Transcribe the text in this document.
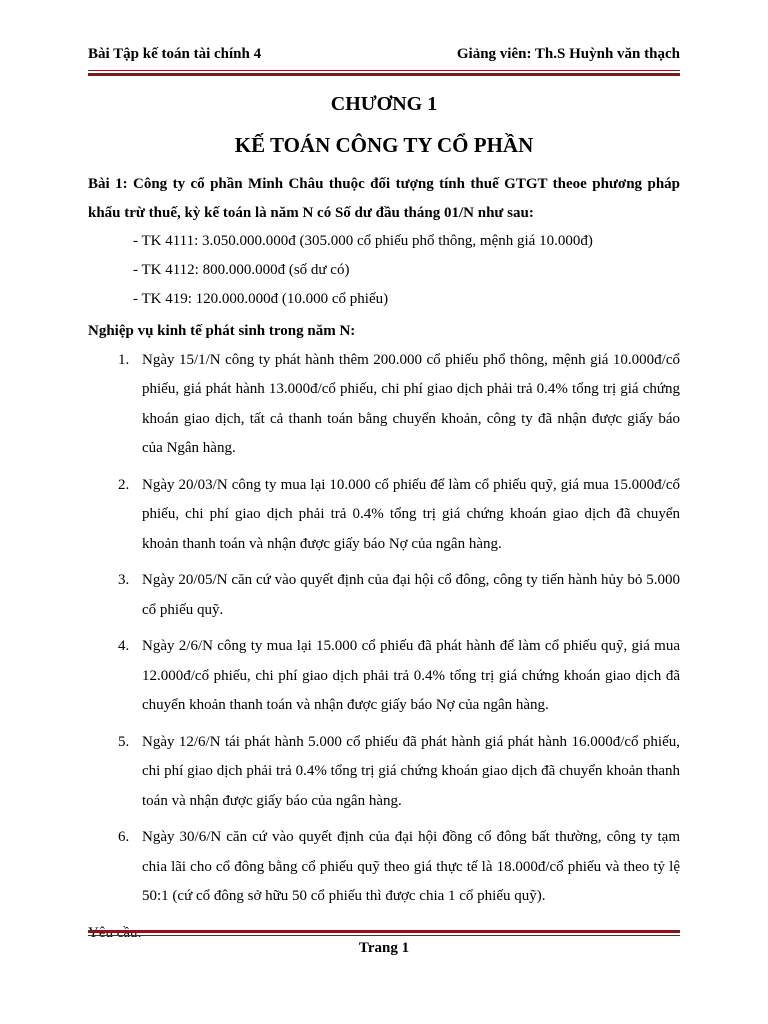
Bài Tập kế toán tài chính 4	Giảng viên: Th.S Huỳnh văn thạch
CHƯƠNG 1
KẾ TOÁN CÔNG TY CỔ PHẦN
Bài 1: Công ty cổ phần Minh Châu thuộc đối tượng tính thuế GTGT theoe phương pháp khấu trừ thuế, kỳ kế toán là năm N có Số dư đầu tháng 01/N như sau:
- TK 4111: 3.050.000.000đ (305.000 cổ phiếu phổ thông, mệnh giá 10.000đ)
- TK 4112: 800.000.000đ (số dư có)
- TK 419: 120.000.000đ (10.000 cổ phiếu)
Nghiệp vụ kinh tế phát sinh trong năm N:
1. Ngày 15/1/N công ty phát hành thêm 200.000 cổ phiếu phổ thông, mệnh giá 10.000đ/cổ phiếu, giá phát hành 13.000đ/cổ phiếu, chi phí giao dịch phải trả 0.4% tổng trị giá chứng khoán giao dịch, tất cả thanh toán bằng chuyển khoản, công ty đã nhận được giấy báo của Ngân hàng.
2. Ngày 20/03/N công ty mua lại 10.000 cổ phiếu để làm cổ phiếu quỹ, giá mua 15.000đ/cổ phiếu, chi phí giao dịch phải trả 0.4% tổng trị giá chứng khoán giao dịch đã chuyển khoản thanh toán và nhận được giấy báo Nợ của ngân hàng.
3. Ngày 20/05/N căn cứ vào quyết định của đại hội cổ đông, công ty tiến hành hủy bỏ 5.000 cổ phiếu quỹ.
4. Ngày 2/6/N công ty mua lại 15.000 cổ phiếu đã phát hành để làm cổ phiếu quỹ, giá mua 12.000đ/cổ phiếu, chi phí giao dịch phải trả 0.4% tổng trị giá chứng khoán giao dịch đã chuyển khoản thanh toán và nhận được giấy báo Nợ của ngân hàng.
5. Ngày 12/6/N tái phát hành 5.000 cổ phiếu đã phát hành giá phát hành 16.000đ/cổ phiếu, chi phí giao dịch phải trả 0.4% tổng trị giá chứng khoán giao dịch đã chuyển khoản thanh toán và nhận được giấy báo của ngân hàng.
6. Ngày 30/6/N căn cứ vào quyết định của đại hội đồng cổ đông bất thường, công ty tạm chia lãi cho cổ đông bằng cổ phiếu quỹ theo giá thực tế là 18.000đ/cổ phiếu và theo tỷ lệ 50:1 (cứ cổ đông sở hữu 50 cổ phiếu thì được chia 1 cổ phiếu quỹ).
Trang 1
